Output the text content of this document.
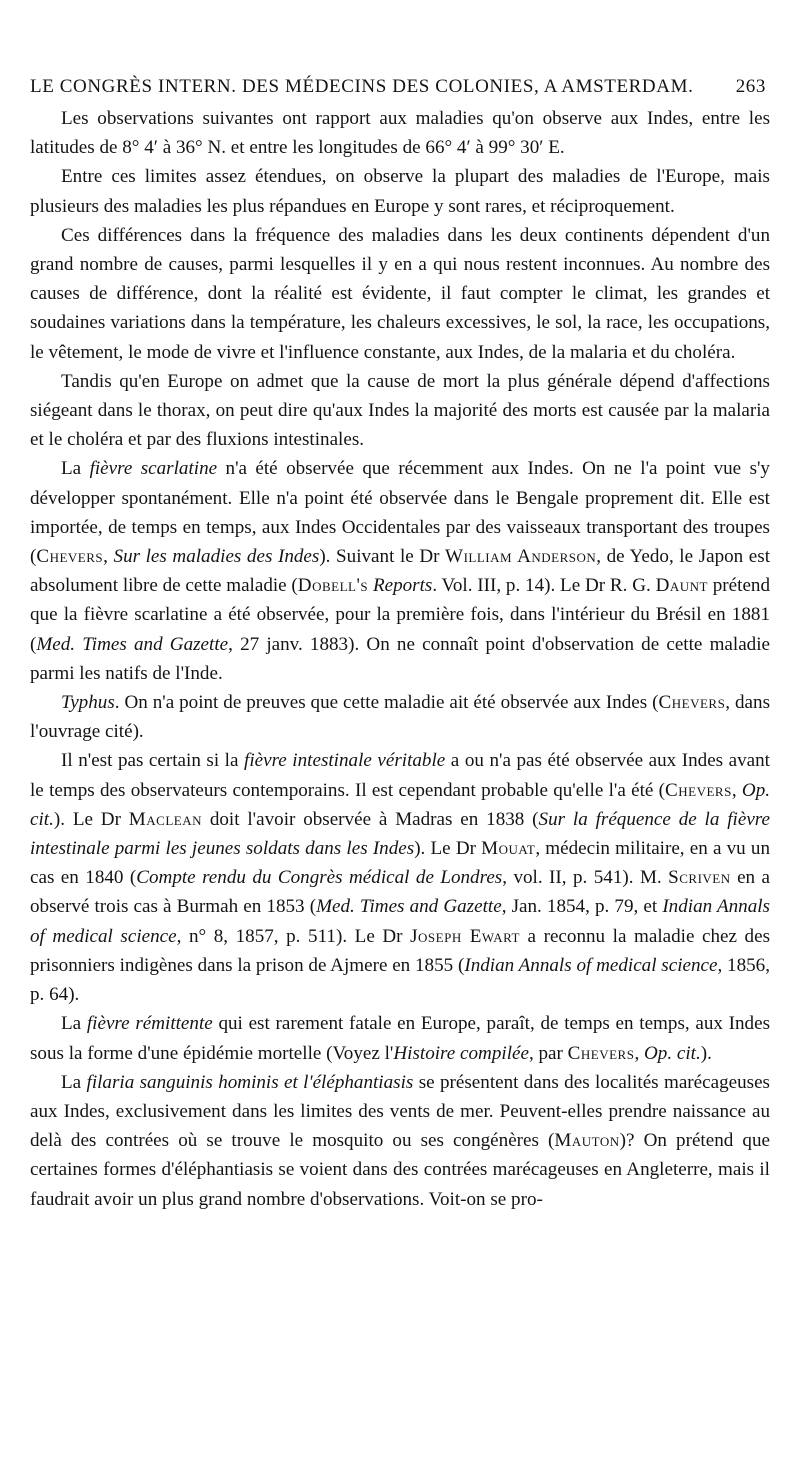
LE CONGRÈS INTERN. DES MÉDECINS DES COLONIES, A AMSTERDAM. 263

Les observations suivantes ont rapport aux maladies qu'on observe aux Indes, entre les latitudes de 8° 4′ à 36° N. et entre les longitudes de 66° 4′ à 99° 30′ E.

Entre ces limites assez étendues, on observe la plupart des maladies de l'Europe, mais plusieurs des maladies les plus répandues en Europe y sont rares, et réciproquement.

Ces différences dans la fréquence des maladies dans les deux continents dépendent d'un grand nombre de causes, parmi lesquelles il y en a qui nous restent inconnues. Au nombre des causes de différence, dont la réalité est évidente, il faut compter le climat, les grandes et soudaines variations dans la température, les chaleurs excessives, le sol, la race, les occupations, le vêtement, le mode de vivre et l'influence constante, aux Indes, de la malaria et du choléra.

Tandis qu'en Europe on admet que la cause de mort la plus générale dépend d'affections siégeant dans le thorax, on peut dire qu'aux Indes la majorité des morts est causée par la malaria et le choléra et par des fluxions intestinales.

La fièvre scarlatine n'a été observée que récemment aux Indes. On ne l'a point vue s'y développer spontanément. Elle n'a point été observée dans le Bengale proprement dit. Elle est importée, de temps en temps, aux Indes Occidentales par des vaisseaux transportant des troupes (Chevers, Sur les maladies des Indes). Suivant le Dr William Anderson, de Yedo, le Japon est absolument libre de cette maladie (Dobell's Reports. Vol. III, p. 14). Le Dr R. G. Daunt prétend que la fièvre scarlatine a été observée, pour la première fois, dans l'intérieur du Brésil en 1881 (Med. Times and Gazette, 27 janv. 1883). On ne connaît point d'observation de cette maladie parmi les natifs de l'Inde.

Typhus. On n'a point de preuves que cette maladie ait été observée aux Indes (Chevers, dans l'ouvrage cité).

Il n'est pas certain si la fièvre intestinale véritable a ou n'a pas été observée aux Indes avant le temps des observateurs contemporains. Il est cependant probable qu'elle l'a été (Chevers, Op. cit.). Le Dr Maclean doit l'avoir observée à Madras en 1838 (Sur la fréquence de la fièvre intestinale parmi les jeunes soldats dans les Indes). Le Dr Mouat, médecin militaire, en a vu un cas en 1840 (Compte rendu du Congrès médical de Londres, vol. II, p. 541). M. Scriven en a observé trois cas à Burmah en 1853 (Med. Times and Gazette, Jan. 1854, p. 79, et Indian Annals of medical science, n° 8, 1857, p. 511). Le Dr Joseph Ewart a reconnu la maladie chez des prisonniers indigènes dans la prison de Ajmere en 1855 (Indian Annals of medical science, 1856, p. 64).

La fièvre rémittente qui est rarement fatale en Europe, paraît, de temps en temps, aux Indes sous la forme d'une épidémie mortelle (Voyez l'Histoire compilée, par Chevers, Op. cit.).

La filaria sanguinis hominis et l'éléphantiasis se présentent dans des localités marécageuses aux Indes, exclusivement dans les limites des vents de mer. Peuvent-elles prendre naissance au delà des contrées où se trouve le mosquito ou ses congénères (Mauton)? On prétend que certaines formes d'éléphantiasis se voient dans des contrées marécageuses en Angleterre, mais il faudrait avoir un plus grand nombre d'observations. Voit-on se pro-
